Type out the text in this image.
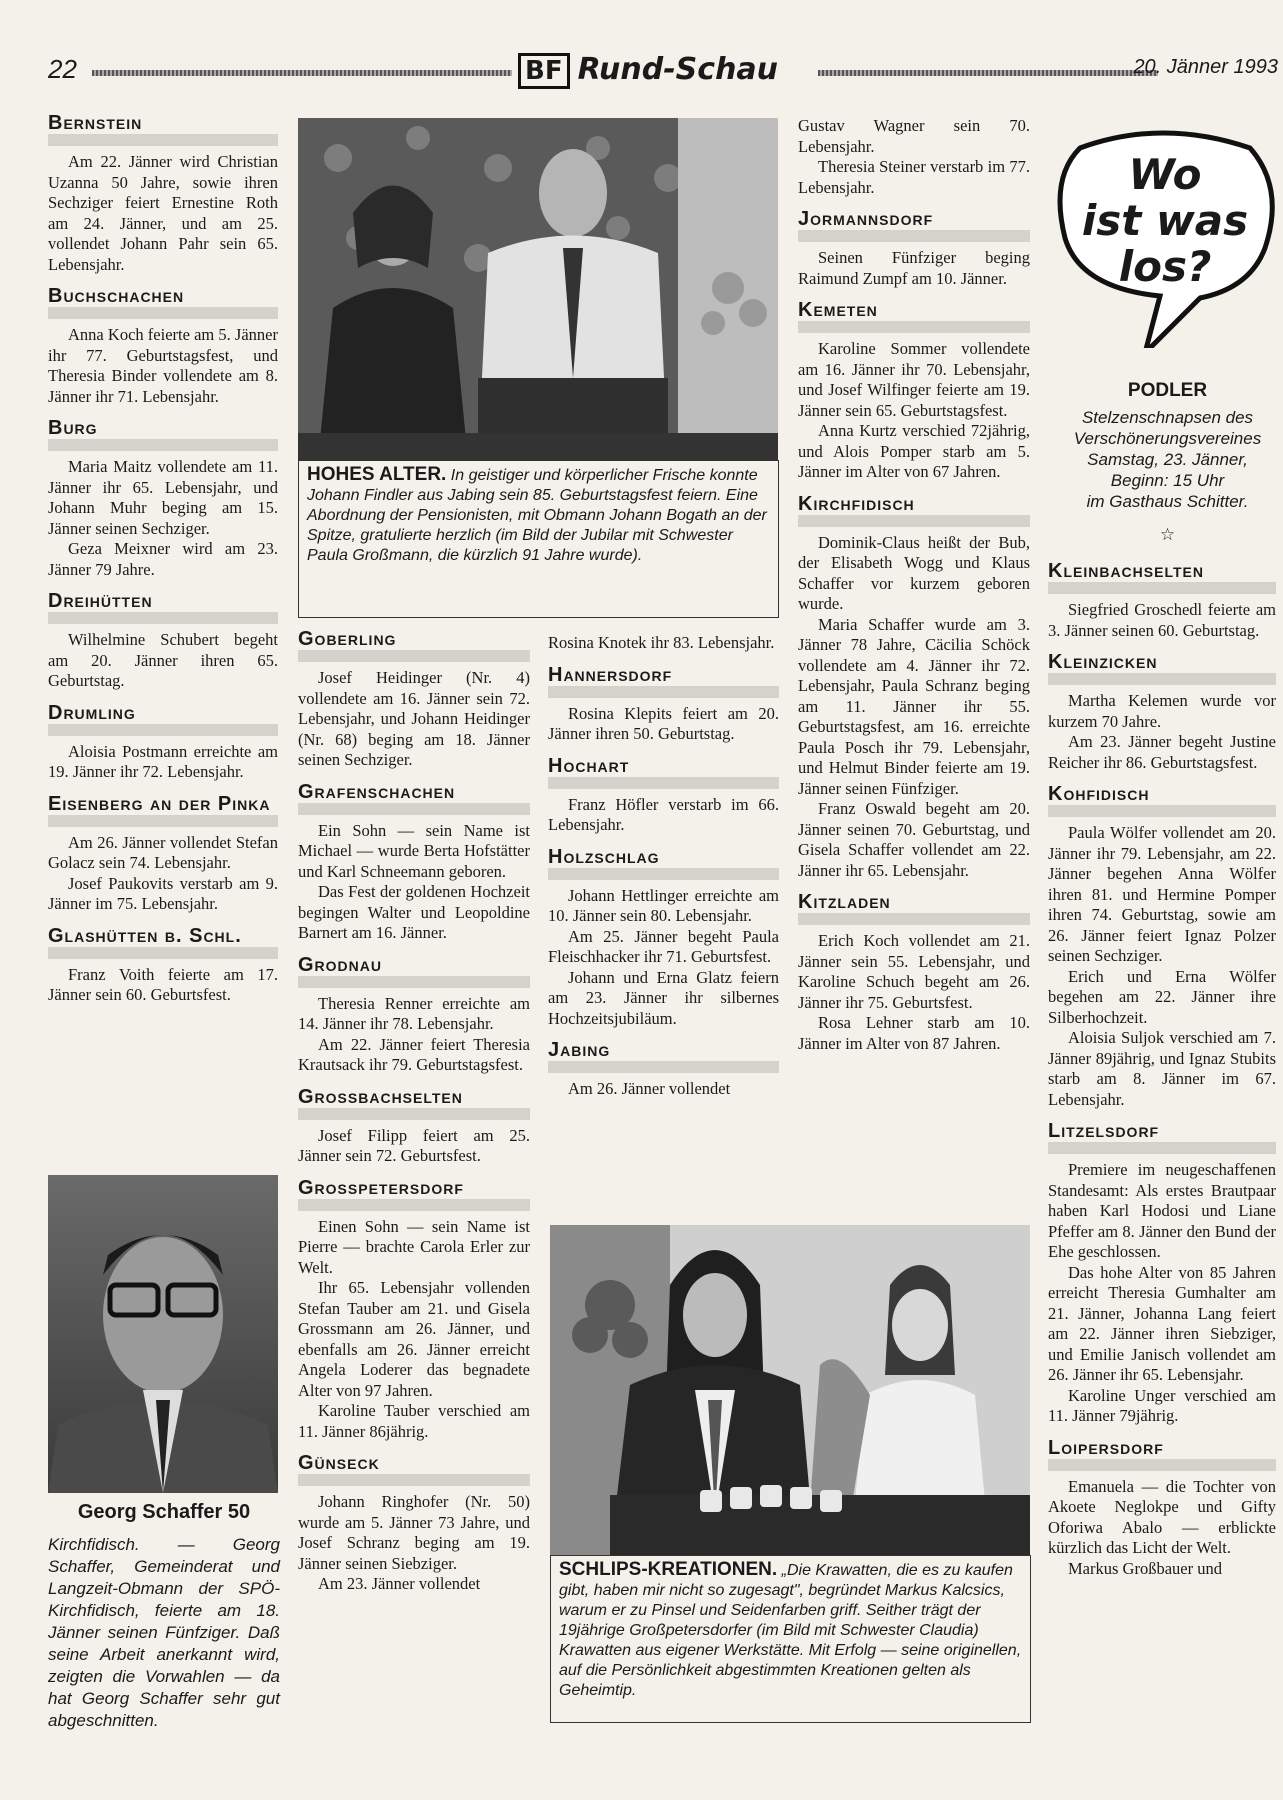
22	BF Rund-Schau	20. Jänner 1993
Bernstein

Am 22. Jänner wird Christian Uzanna 50 Jahre, sowie ihren Sechziger feiert Ernestine Roth am 24. Jänner, und am 25. vollendet Johann Pahr sein 65. Lebensjahr.

Buchschachen

Anna Koch feierte am 5. Jänner ihr 77. Geburtstagsfest, und Theresia Binder vollendete am 8. Jänner ihr 71. Lebensjahr.

Burg

Maria Maitz vollendete am 11. Jänner ihr 65. Lebensjahr, und Johann Muhr beging am 15. Jänner seinen Sechziger.

Geza Meixner wird am 23. Jänner 79 Jahre.

Dreihütten

Wilhelmine Schubert begeht am 20. Jänner ihren 65. Geburtstag.

Drumling

Aloisia Postmann erreichte am 19. Jänner ihr 72. Lebensjahr.

Eisenberg an der Pinka

Am 26. Jänner vollendet Stefan Golacz sein 74. Lebensjahr.

Josef Paukovits verstarb am 9. Jänner im 75. Lebensjahr.

Glashütten b. Schl.

Franz Voith feierte am 17. Jänner sein 60. Geburtsfest.

Georg Schaffer 50
Kirchfidisch. — Georg Schaffer, Gemeinderat und Langzeit-Obmann der SPÖ-Kirchfidisch, feierte am 18. Jänner seinen Fünfziger. Daß seine Arbeit anerkannt wird, zeigten die Vorwahlen — da hat Georg Schaffer sehr gut abgeschnitten.
HOHES ALTER. In geistiger und körperlicher Frische konnte Johann Findler aus Jabing sein 85. Geburtstagsfest feiern. Eine Abordnung der Pensionisten, mit Obmann Johann Bogath an der Spitze, gratulierte herzlich (im Bild der Jubilar mit Schwester Paula Großmann, die kürzlich 91 Jahre wurde).
Goberling

Josef Heidinger (Nr. 4) vollendete am 16. Jänner sein 72. Lebensjahr, und Johann Heidinger (Nr. 68) beging am 18. Jänner seinen Sechziger.

Grafenschachen

Ein Sohn — sein Name ist Michael — wurde Berta Hofstätter und Karl Schneemann geboren.

Das Fest der goldenen Hochzeit begingen Walter und Leopoldine Barnert am 16. Jänner.

Grodnau

Theresia Renner erreichte am 14. Jänner ihr 78. Lebensjahr.

Am 22. Jänner feiert Theresia Krautsack ihr 79. Geburtstagsfest.

Grossbachselten

Josef Filipp feiert am 25. Jänner sein 72. Geburtsfest.

Grosspetersdorf

Einen Sohn — sein Name ist Pierre — brachte Carola Erler zur Welt.

Ihr 65. Lebensjahr vollenden Stefan Tauber am 21. und Gisela Grossmann am 26. Jänner, und ebenfalls am 26. Jänner erreicht Angela Loderer das begnadete Alter von 97 Jahren.

Karoline Tauber verschied am 11. Jänner 86jährig.

Günseck

Johann Ringhofer (Nr. 50) wurde am 5. Jänner 73 Jahre, und Josef Schranz beging am 19. Jänner seinen Siebziger.

Am 23. Jänner vollendet

Rosina Knotek ihr 83. Lebensjahr.

Hannersdorf

Rosina Klepits feiert am 20. Jänner ihren 50. Geburtstag.

Hochart

Franz Höfler verstarb im 66. Lebensjahr.

Holzschlag

Johann Hettlinger erreichte am 10. Jänner sein 80. Lebensjahr.

Am 25. Jänner begeht Paula Fleischhacker ihr 71. Geburtsfest.

Johann und Erna Glatz feiern am 23. Jänner ihr silbernes Hochzeitsjubiläum.

Jabing

Am 26. Jänner vollendet

Gustav Wagner sein 70. Lebensjahr.

Theresia Steiner verstarb im 77. Lebensjahr.

Jormannsdorf

Seinen Fünfziger beging Raimund Zumpf am 10. Jänner.

Kemeten

Karoline Sommer vollendete am 16. Jänner ihr 70. Lebensjahr, und Josef Wilfinger feierte am 19. Jänner sein 65. Geburtstagsfest.

Anna Kurtz verschied 72jährig, und Alois Pomper starb am 5. Jänner im Alter von 67 Jahren.

Kirchfidisch

Dominik-Claus heißt der Bub, der Elisabeth Wogg und Klaus Schaffer vor kurzem geboren wurde.

Maria Schaffer wurde am 3. Jänner 78 Jahre, Cäcilia Schöck vollendete am 4. Jänner ihr 72. Lebensjahr, Paula Schranz beging am 11. Jänner ihr 55. Geburtstagsfest, am 16. erreichte Paula Posch ihr 79. Lebensjahr, und Helmut Binder feierte am 19. Jänner seinen Fünfziger.

Franz Oswald begeht am 20. Jänner seinen 70. Geburtstag, und Gisela Schaffer vollendet am 22. Jänner ihr 65. Lebensjahr.

Kitzladen

Erich Koch vollendet am 21. Jänner sein 55. Lebensjahr, und Karoline Schuch begeht am 26. Jänner ihr 75. Geburtsfest.

Rosa Lehner starb am 10. Jänner im Alter von 87 Jahren.

SCHLIPS-KREATIONEN. „Die Krawatten, die es zu kaufen gibt, haben mir nicht so zugesagt", begründet Markus Kalcsics, warum er zu Pinsel und Seidenfarben griff. Seither trägt der 19jährige Großpetersdorfer (im Bild mit Schwester Claudia) Krawatten aus eigener Werkstätte. Mit Erfolg — seine originellen, auf die Persönlichkeit abgestimmten Kreationen gelten als Geheimtip.
Wo
ist was
los?
PODLER
Stelzenschnapsen des
Verschönerungsvereines
Samstag, 23. Jänner,
Beginn: 15 Uhr
im Gasthaus Schitter.
☆
Kleinbachselten

Siegfried Groschedl feierte am 3. Jänner seinen 60. Geburtstag.

Kleinzicken

Martha Kelemen wurde vor kurzem 70 Jahre.

Am 23. Jänner begeht Justine Reicher ihr 86. Geburtstagsfest.

Kohfidisch

Paula Wölfer vollendet am 20. Jänner ihr 79. Lebensjahr, am 22. Jänner begehen Anna Wölfer ihren 81. und Hermine Pomper ihren 74. Geburtstag, sowie am 26. Jänner feiert Ignaz Polzer seinen Sechziger.

Erich und Erna Wölfer begehen am 22. Jänner ihre Silberhochzeit.

Aloisia Suljok verschied am 7. Jänner 89jährig, und Ignaz Stubits starb am 8. Jänner im 67. Lebensjahr.

Litzelsdorf

Premiere im neugeschaffenen Standesamt: Als erstes Brautpaar haben Karl Hodosi und Liane Pfeffer am 8. Jänner den Bund der Ehe geschlossen.

Das hohe Alter von 85 Jahren erreicht Theresia Gumhalter am 21. Jänner, Johanna Lang feiert am 22. Jänner ihren Siebziger, und Emilie Janisch vollendet am 26. Jänner ihr 65. Lebensjahr.

Karoline Unger verschied am 11. Jänner 79jährig.

Loipersdorf

Emanuela — die Tochter von Akoete Neglokpe und Gifty Oforiwa Abalo — erblickte kürzlich das Licht der Welt.

Markus Großbauer und
